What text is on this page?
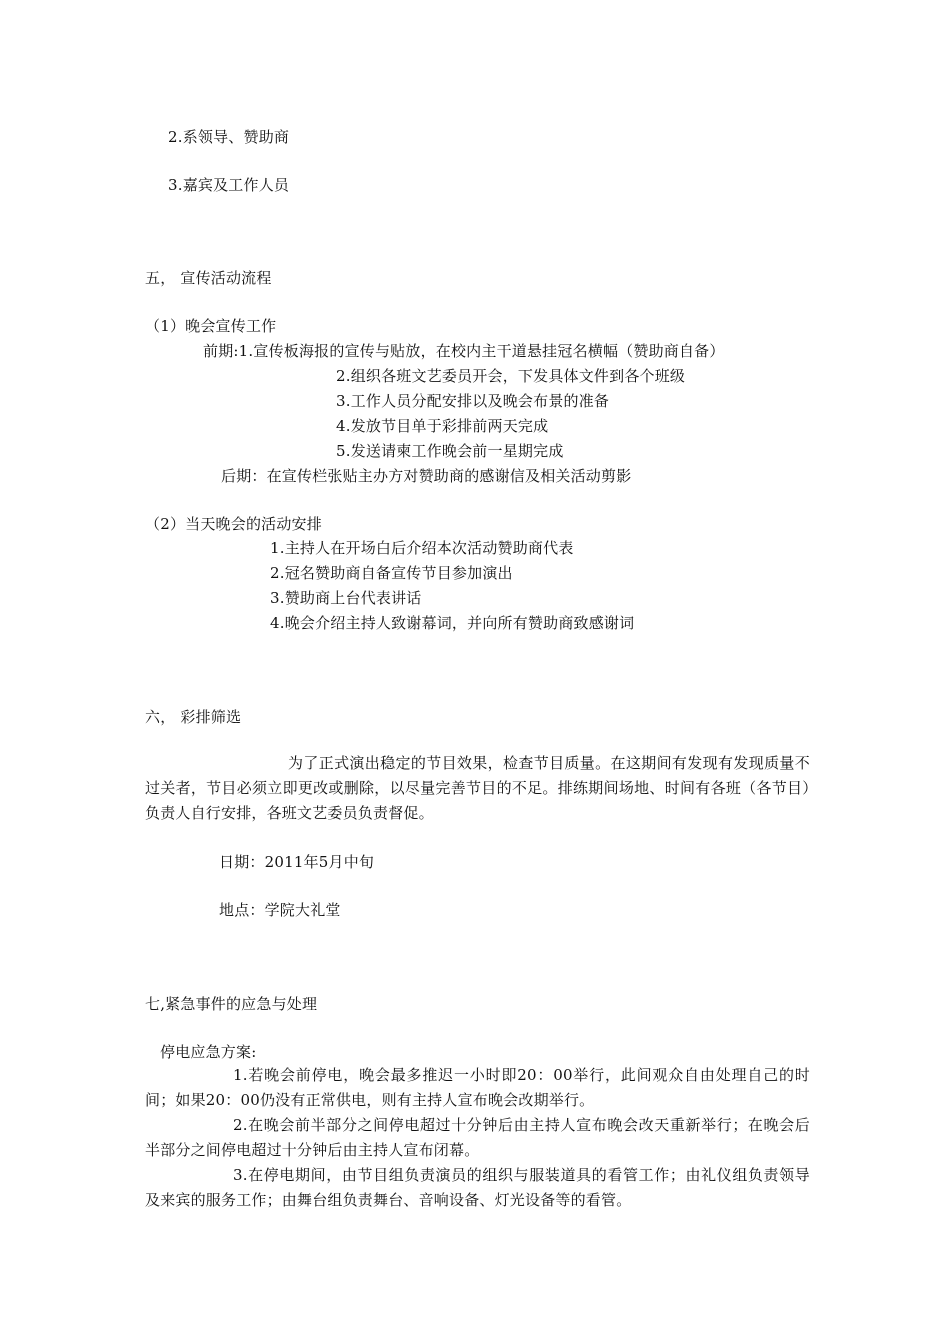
2.系领导、赞助商
3.嘉宾及工作人员
五， 宣传活动流程
（1）晚会宣传工作
前期:1.宣传板海报的宣传与贴放，在校内主干道悬挂冠名横幅（赞助商自备）
2.组织各班文艺委员开会，下发具体文件到各个班级
3.工作人员分配安排以及晚会布景的准备
4.发放节目单于彩排前两天完成
5.发送请柬工作晚会前一星期完成
后期：在宣传栏张贴主办方对赞助商的感谢信及相关活动剪影
（2）当天晚会的活动安排
1.主持人在开场白后介绍本次活动赞助商代表
2.冠名赞助商自备宣传节目参加演出
3.赞助商上台代表讲话
4.晚会介绍主持人致谢幕词，并向所有赞助商致感谢词
六， 彩排筛选
为了正式演出稳定的节目效果，检查节目质量。在这期间有发现有发现质量不过关者，节目必须立即更改或删除，以尽量完善节目的不足。排练期间场地、时间有各班（各节目）负责人自行安排，各班文艺委员负责督促。
日期：2011年5月中旬
地点：学院大礼堂
七,紧急事件的应急与处理
停电应急方案:
1.若晚会前停电，晚会最多推迟一小时即20：00举行，此间观众自由处理自己的时间；如果20：00仍没有正常供电，则有主持人宣布晚会改期举行。
2.在晚会前半部分之间停电超过十分钟后由主持人宣布晚会改天重新举行；在晚会后半部分之间停电超过十分钟后由主持人宣布闭幕。
3.在停电期间，由节目组负责演员的组织与服装道具的看管工作；由礼仪组负责领导及来宾的服务工作；由舞台组负责舞台、音响设备、灯光设备等的看管。
